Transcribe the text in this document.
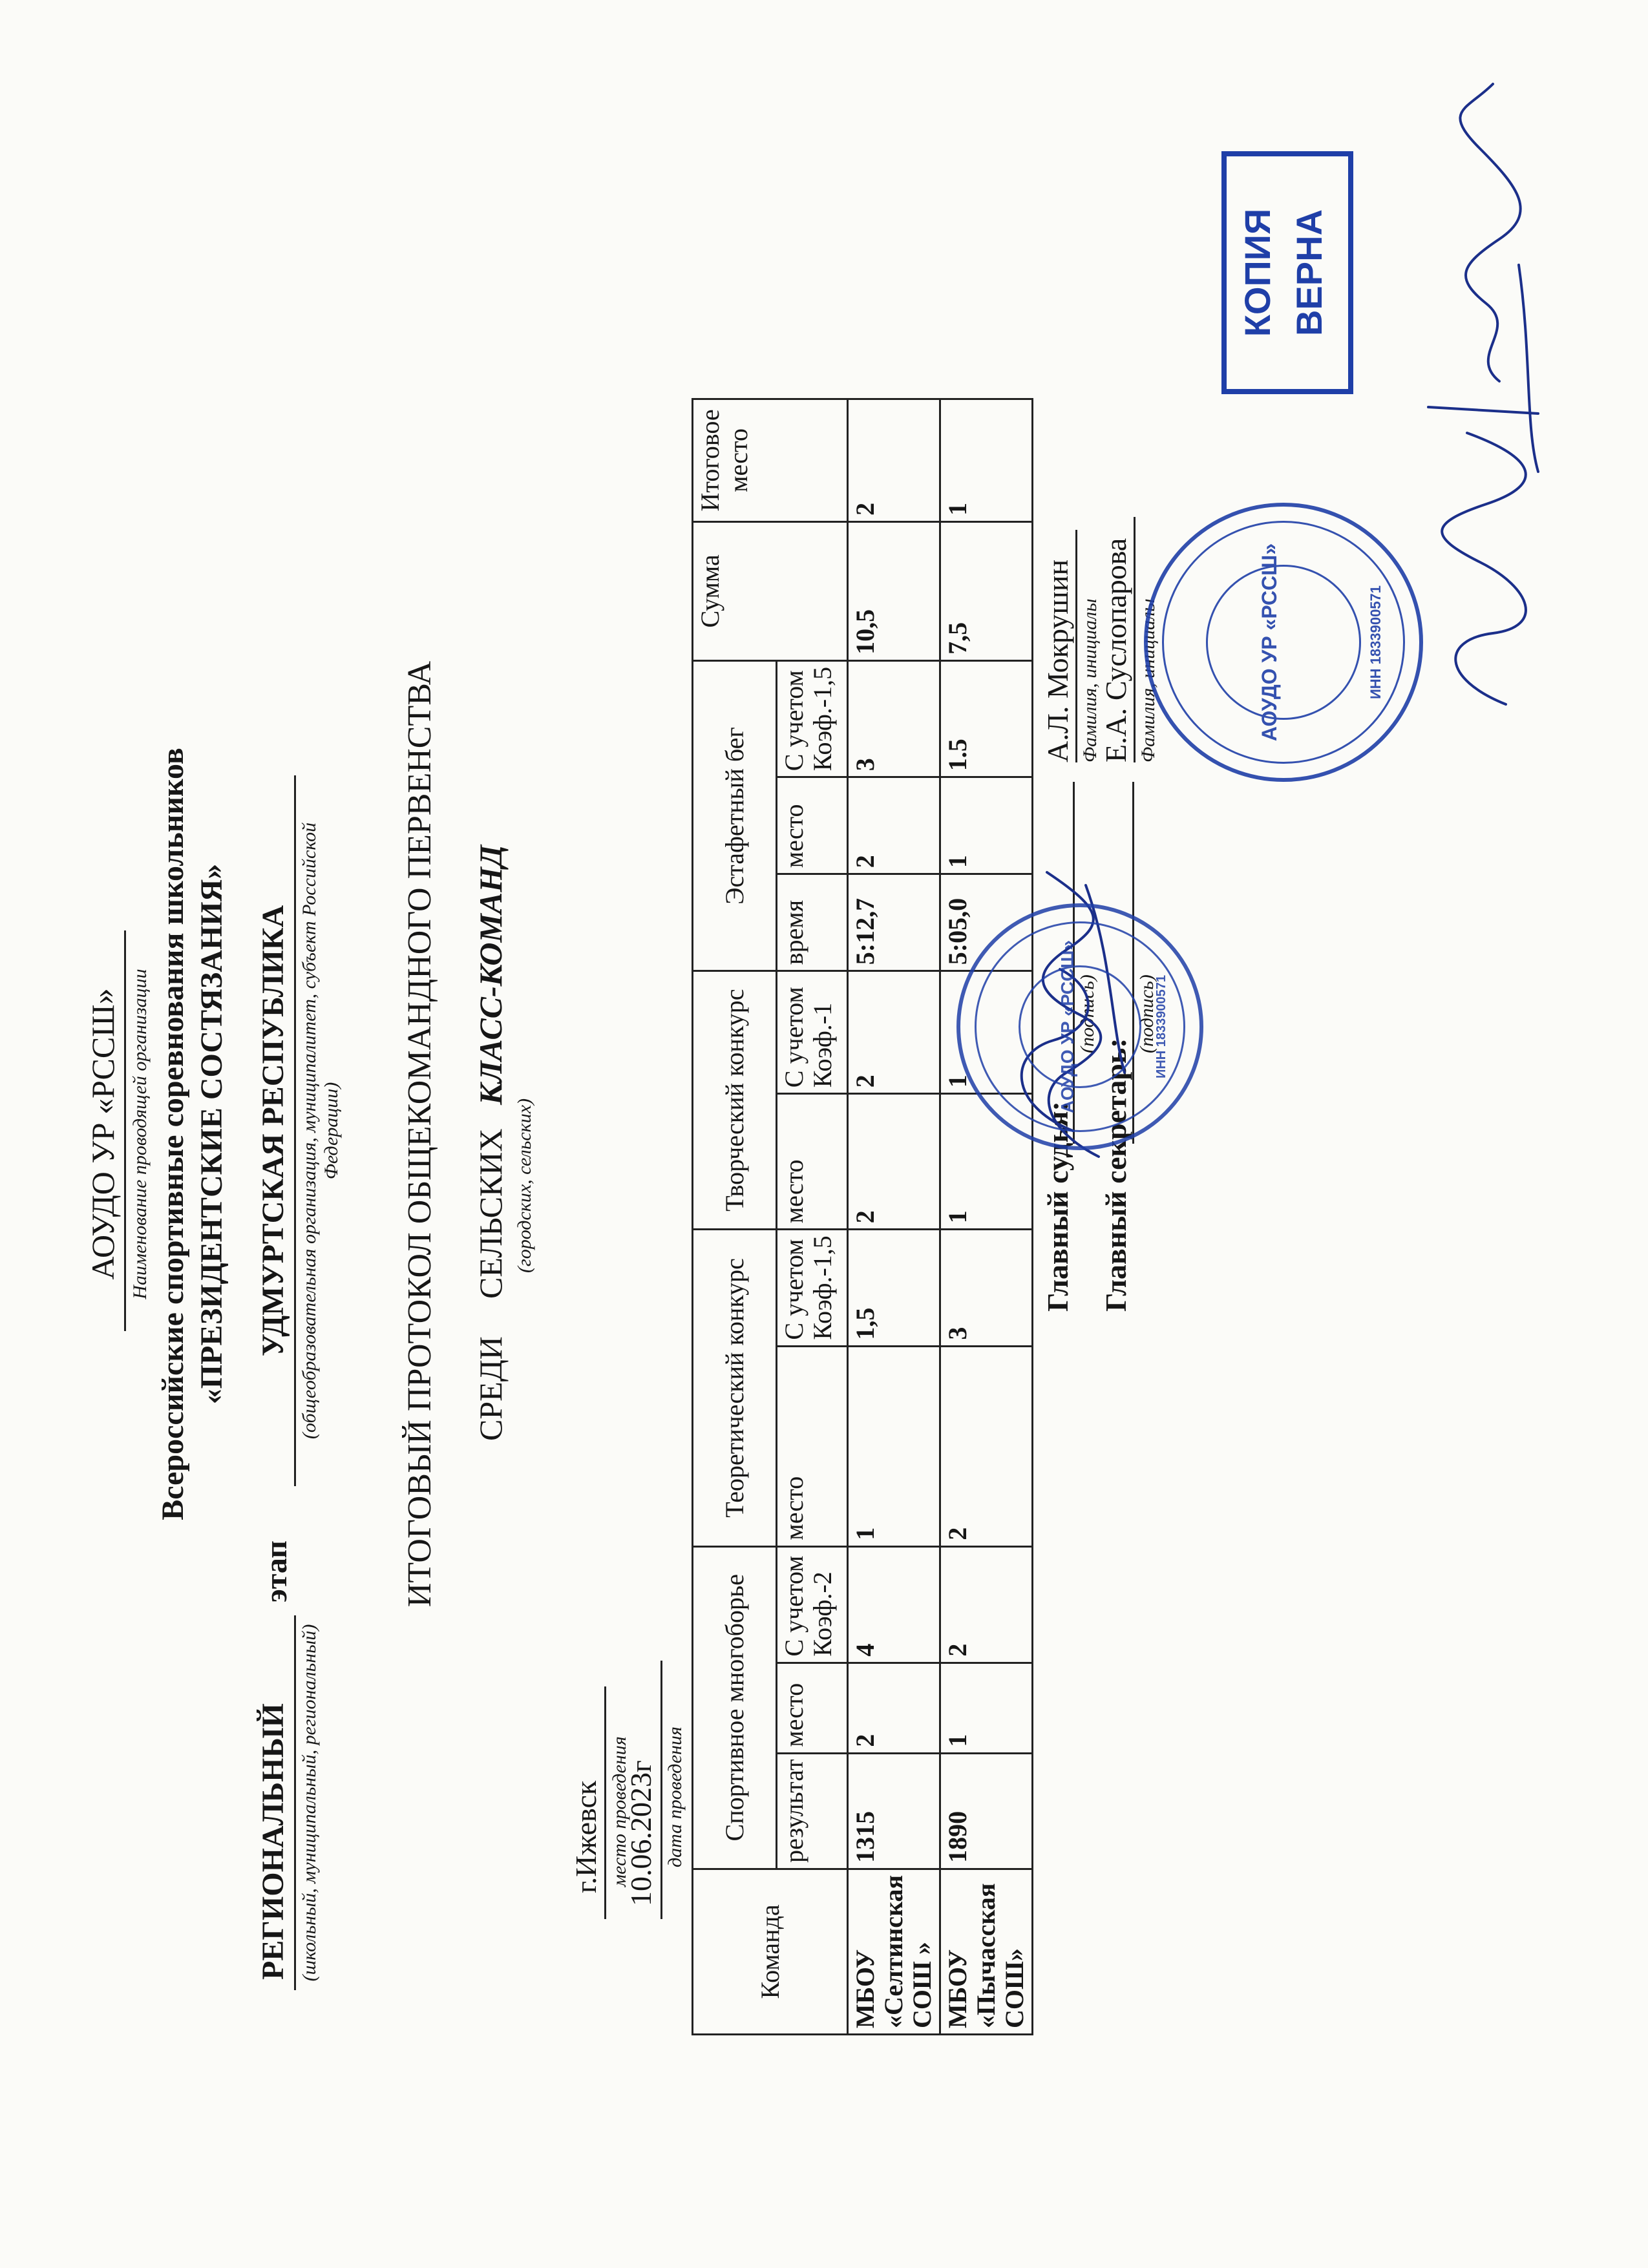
АОУДО УР «РССШ» Наименование проводящей организации Всероссийские спортивные соревнования школьников «ПРЕЗИДЕНТСКИЕ СОСТЯЗАНИЯ»
РЕГИОНАЛЬНЫЙ (школьный, муниципальный, региональный)
этап
УДМУРТСКАЯ РЕСПУБЛИКА (общеобразовательная организация, муниципалитет, субъект Российской Федерации) ИТОГОВЫЙ ПРОТОКОЛ ОБЩЕКОМАНДНОГО ПЕРВЕНСТВА СРЕДИ
СЕЛЬСКИХ
КЛАСС-КОМАНД
(городских, сельских)
г.Ижевск место проведения
10.06.2023г дата проведения
Команда	Спортивное многоборье			Теоретический конкурс		Творческий конкурс		Эстафетный бег			Сумма	Итоговое место
	результат	место	С учетом Коэф.-2	место	С учетом Коэф.-1,5	место	С учетом Коэф.-1	время	место	С учетом Коэф.-1,5		
МБОУ «Селтинская СОШ »	1315	2	4	1	1,5	2	2	5:12,7	2	3	10,5	2
МБОУ «Пычасская СОШ»	1890	1	2	2	3	1	1	5:05,0	1	1.5	7,5	1
Главный судья: Главный секретарь:
(подпись) (подпись)
А.Л. Мокрушин Фамилия, инициалы
Е.А. Суслопарова Фамилия, инициалы
АОУДО УР «РССШ»	ИНН 1833900571
АОУДО УР «РССШ»	ИНН 1833900571
КОПИЯ ВЕРНА
